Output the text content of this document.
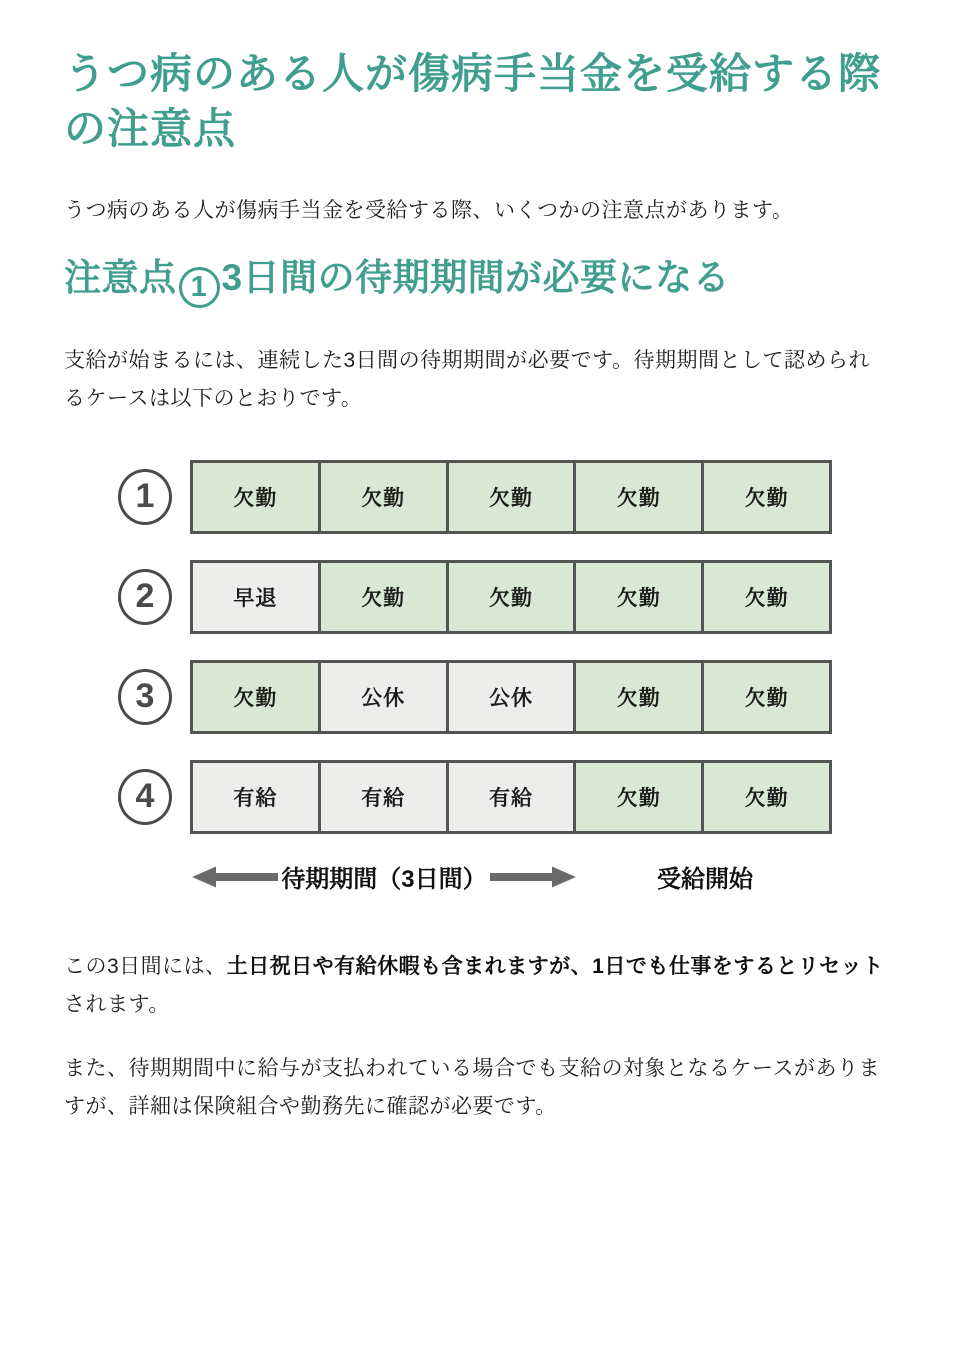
うつ病のある人が傷病手当金を受給する際の注意点

うつ病のある人が傷病手当金を受給する際、いくつかの注意点があります。

注意点 1 3日間の待期期間が必要になる

支給が始まるには、連続した3日間の待期期間が必要です。待期期間として認められるケースは以下のとおりです。

1	欠勤	欠勤	欠勤	欠勤	欠勤
2	早退	欠勤	欠勤	欠勤	欠勤
3	欠勤	公休	公休	欠勤	欠勤
4	有給	有給	有給	欠勤	欠勤
待期期間（3日間）	受給開始

この3日間には、土日祝日や有給休暇も含まれますが、1日でも仕事をするとリセットされます。

また、待期期間中に給与が支払われている場合でも支給の対象となるケースがありますが、詳細は保険組合や勤務先に確認が必要です。
